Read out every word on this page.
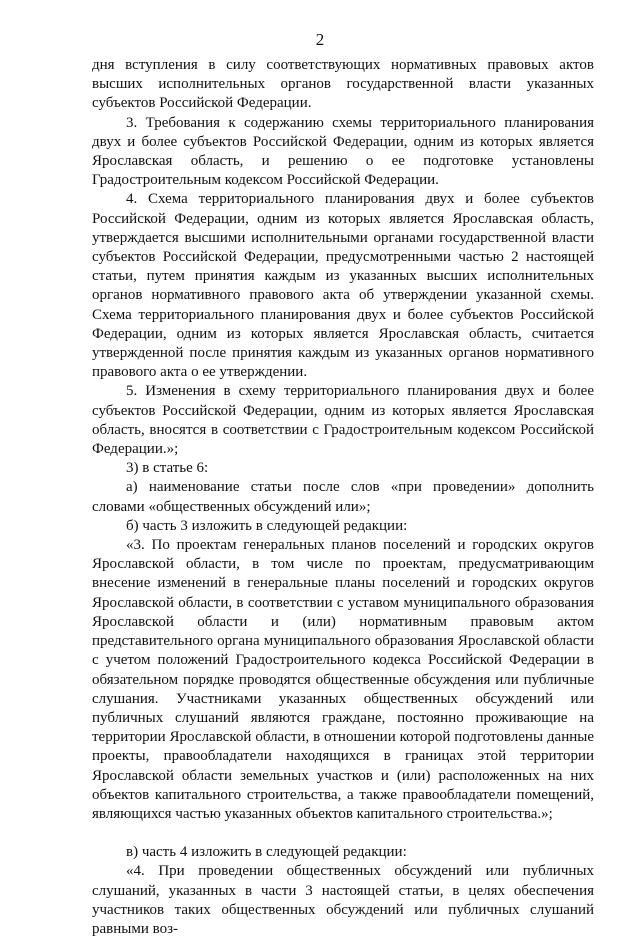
2

дня вступления в силу соответствующих нормативных правовых актов высших исполнительных органов государственной власти указанных субъектов Российской Федерации.

3. Требования к содержанию схемы территориального планирования двух и более субъектов Российской Федерации, одним из которых является Ярославская область, и решению о ее подготовке установлены Градостроительным кодексом Российской Федерации.

4. Схема территориального планирования двух и более субъектов Российской Федерации, одним из которых является Ярославская область, утверждается высшими исполнительными органами государственной власти субъектов Российской Федерации, предусмотренными частью 2 настоящей статьи, путем принятия каждым из указанных высших исполнительных органов нормативного правового акта об утверждении указанной схемы. Схема территориального планирования двух и более субъектов Российской Федерации, одним из которых является Ярославская область, считается утвержденной после принятия каждым из указанных органов нормативного правового акта о ее утверждении.

5. Изменения в схему территориального планирования двух и более субъектов Российской Федерации, одним из которых является Ярославская область, вносятся в соответствии с Градостроительным кодексом Российской Федерации.»;

3) в статье 6:

а) наименование статьи после слов «при проведении» дополнить словами «общественных обсуждений или»;

б) часть 3 изложить в следующей редакции:

«3. По проектам генеральных планов поселений и городских округов Ярославской области, в том числе по проектам, предусматривающим внесение изменений в генеральные планы поселений и городских округов Ярославской области, в соответствии с уставом муниципального образования Ярославской области и (или) нормативным правовым актом представительного органа муниципального образования Ярославской области с учетом положений Градостроительного кодекса Российской Федерации в обязательном порядке проводятся общественные обсуждения или публичные слушания. Участниками указанных общественных обсуждений или публичных слушаний являются граждане, постоянно проживающие на территории Ярославской области, в отношении которой подготовлены данные проекты, правообладатели находящихся в границах этой территории Ярославской области земельных участков и (или) расположенных на них объектов капитального строительства, а также правообладатели помещений, являющихся частью указанных объектов капитального строительства.»;

в) часть 4 изложить в следующей редакции:

«4. При проведении общественных обсуждений или публичных слушаний, указанных в части 3 настоящей статьи, в целях обеспечения участников таких общественных обсуждений или публичных слушаний равными воз-
